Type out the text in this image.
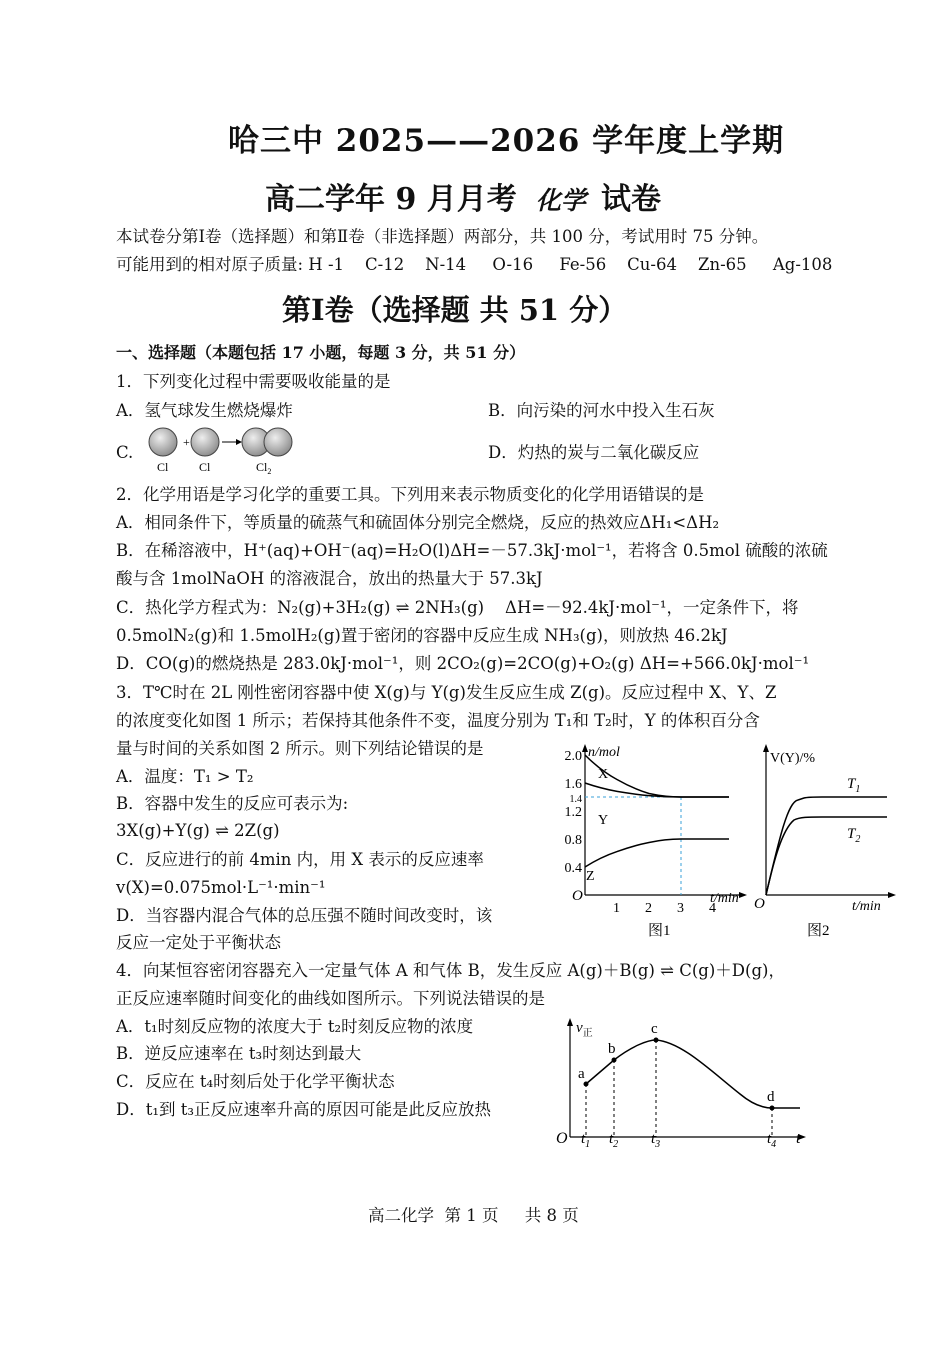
哈三中 2025——2026 学年度上学期
高二学年 9 月月考 化学 试卷
本试卷分第Ⅰ卷（选择题）和第Ⅱ卷（非选择题）两部分，共 100 分，考试用时 75 分钟。
可能用到的相对原子质量: H -1    C-12    N-14     O-16     Fe-56    Cu-64    Zn-65     Ag-108
第Ⅰ卷（选择题 共 51 分）
一、选择题（本题包括 17 小题，每题 3 分，共 51 分）
1．下列变化过程中需要吸收能量的是
A．氢气球发生燃烧爆炸	B．向污染的河水中投入生石灰
C.
+
Cl	Cl	$Cl_2$
D．灼热的炭与二氧化碳反应
2．化学用语是学习化学的重要工具。下列用来表示物质变化的化学用语错误的是
A．相同条件下，等质量的硫蒸气和硫固体分别完全燃烧，反应的热效应ΔH₁<ΔH₂
B．在稀溶液中，H⁺(aq)+OH⁻(aq)=H₂O(l)ΔH=－57.3kJ·mol⁻¹，若将含 0.5mol 硫酸的浓硫
酸与含 1molNaOH 的溶液混合，放出的热量大于 57.3kJ
C．热化学方程式为：N₂(g)+3H₂(g) ⇌ 2NH₃(g)    ΔH=－92.4kJ·mol⁻¹，一定条件下，将
0.5molN₂(g)和 1.5molH₂(g)置于密闭的容器中反应生成 NH₃(g)，则放热 46.2kJ
D．CO(g)的燃烧热是 283.0kJ·mol⁻¹，则 2CO₂(g)=2CO(g)+O₂(g) ΔH=+566.0kJ·mol⁻¹
3．T℃时在 2L 刚性密闭容器中使 X(g)与 Y(g)发生反应生成 Z(g)。反应过程中 X、Y、Z
的浓度变化如图 1 所示；若保持其他条件不变，温度分别为 T₁和 T₂时，Y 的体积百分含
量与时间的关系如图 2 所示。则下列结论错误的是
A．温度：T₁ > T₂
B．容器中发生的反应可表示为:
3X(g)+Y(g) ⇌ 2Z(g)
C．反应进行的前 4min 内，用 X 表示的反应速率
v(X)=0.075mol·L⁻¹·min⁻¹
D．当容器内混合气体的总压强不随时间改变时，该
反应一定处于平衡状态
n/mol
t/min
O
2.0
1.6
1.4
1.2
0.8
0.4
1 2 3 4
X
Y
Z
图1
V(Y)/%
t/min
O
$T_1$
$T_2$
图2
4．向某恒容密闭容器充入一定量气体 A 和气体 B，发生反应 A(g)＋B(g) ⇌ C(g)＋D(g)，
正反应速率随时间变化的曲线如图所示。下列说法错误的是
A．t₁时刻反应物的浓度大于 t₂时刻反应物的浓度
B．逆反应速率在 t₃时刻达到最大
C．反应在 t₄时刻后处于化学平衡状态
D．t₁到 t₃正反应速率升高的原因可能是此反应放热
$v_正$
t
O
a
b
c
d
$t_1$ $t_2$ $t_3$	$t_4$
高二化学  第 1 页     共 8 页
